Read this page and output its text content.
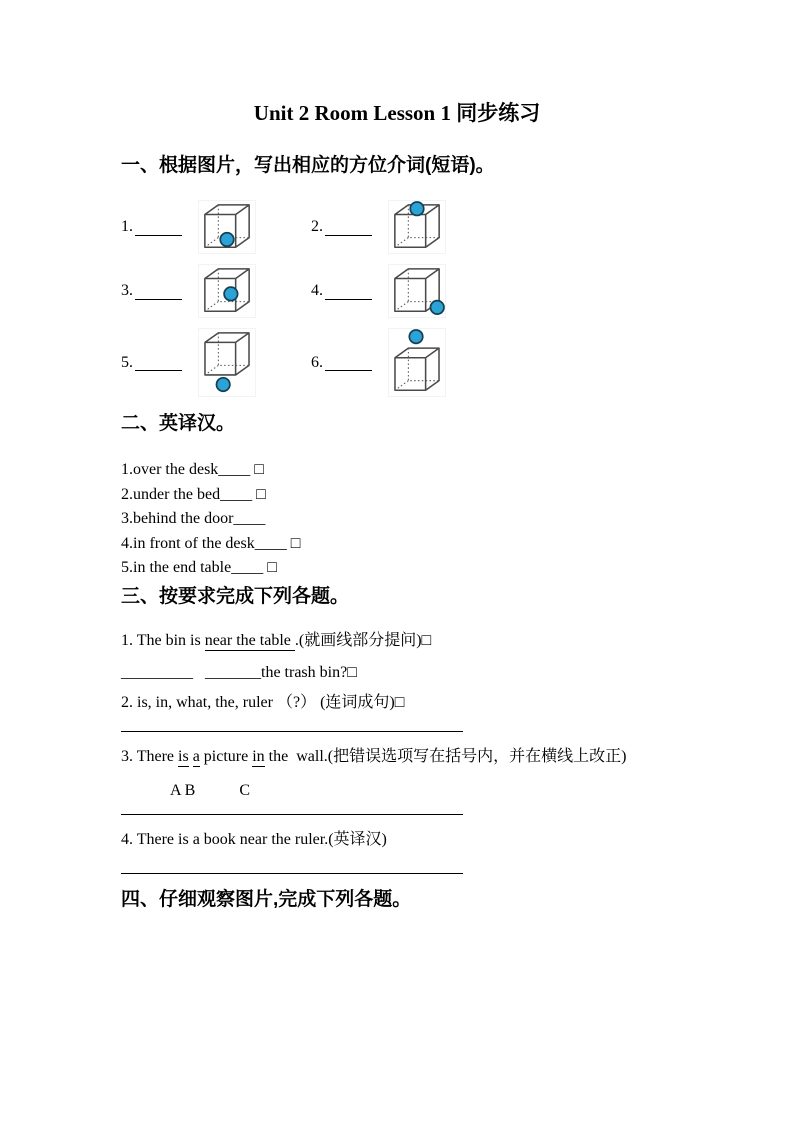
Unit 2 Room Lesson 1 同步练习

一、根据图片，写出相应的方位介词(短语)。

1.	2.
3.	4.
5.	6.

二、英译汉。

1.over the desk____ □

2.under the bed____ □

3.behind the door____

4.in front of the desk____ □

5.in the end table____ □

三、按要求完成下列各题。

1. The bin is near the table .(就画线部分提问)□

_________   _______the trash bin?□

2. is, in, what, the, ruler （?） (连词成句)□

3. There is a picture in the  wall.(把错误选项写在括号内，并在横线上改正)

A B           C

4. There is a book near the ruler.(英译汉)

四、仔细观察图片,完成下列各题。
